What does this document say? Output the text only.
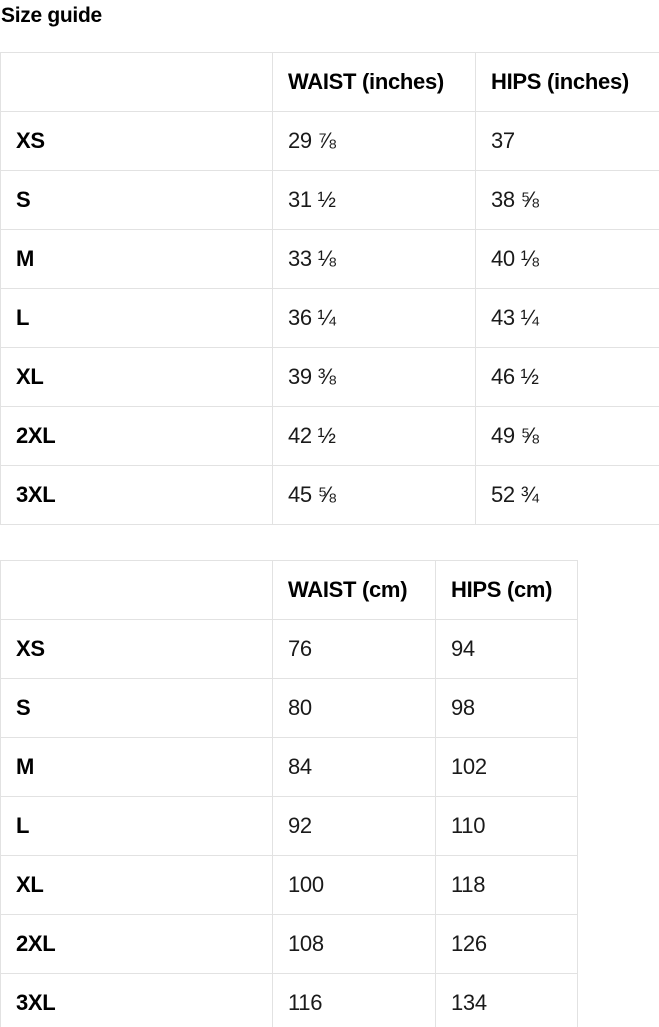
Size guide
	WAIST (inches)	HIPS (inches)
XS	29 ⅞	37
S	31 ½	38 ⅝
M	33 ⅛	40 ⅛
L	36 ¼	43 ¼
XL	39 ⅜	46 ½
2XL	42 ½	49 ⅝
3XL	45 ⅝	52 ¾
	WAIST (cm)	HIPS (cm)
XS	76	94
S	80	98
M	84	102
L	92	110
XL	100	118
2XL	108	126
3XL	116	134
